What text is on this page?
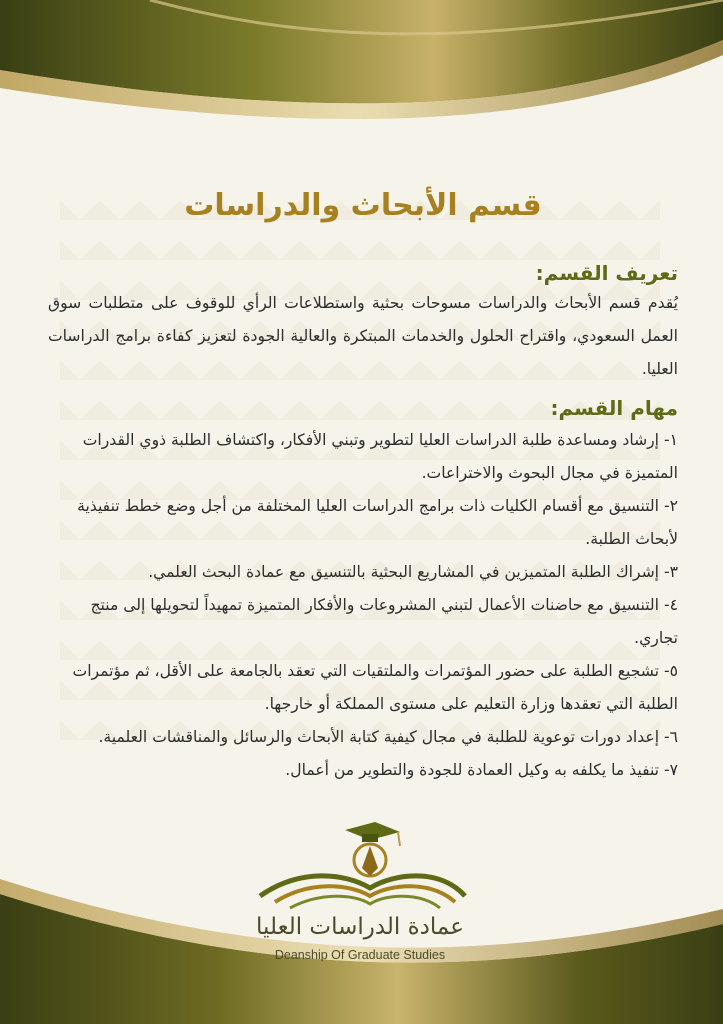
قسم الأبحاث والدراسات
تعريف القسم:

يُقدم قسم الأبحاث والدراسات مسوحات بحثية واستطلاعات الرأي للوقوف على متطلبات سوق العمل السعودي، واقتراح الحلول والخدمات المبتكرة والعالية الجودة لتعزيز كفاءة برامج الدراسات العليا.

مهام القسم:

١- إرشاد ومساعدة طلبة الدراسات العليا لتطوير وتبني الأفكار، واكتشاف الطلبة ذوي القدرات المتميزة في مجال البحوث والاختراعات.

٢- التنسيق مع أقسام الكليات ذات برامج الدراسات العليا المختلفة من أجل وضع خطط تنفيذية لأبحاث الطلبة.

٣- إشراك الطلبة المتميزين في المشاريع البحثية بالتنسيق مع عمادة البحث العلمي.

٤- التنسيق مع حاضنات الأعمال لتبني المشروعات والأفكار المتميزة تمهيداً لتحويلها إلى منتج تجاري.

٥- تشجيع الطلبة على حضور المؤتمرات والملتقيات التي تعقد بالجامعة على الأقل، ثم مؤتمرات الطلبة التي تعقدها وزارة التعليم على مستوى المملكة أو خارجها.

٦- إعداد دورات توعوية للطلبة في مجال كيفية كتابة الأبحاث والرسائل والمناقشات العلمية.

٧- تنفيذ ما يكلفه به وكيل العمادة للجودة والتطوير من أعمال.

عمادة الدراسات العليا
Deanship Of Graduate Studies
